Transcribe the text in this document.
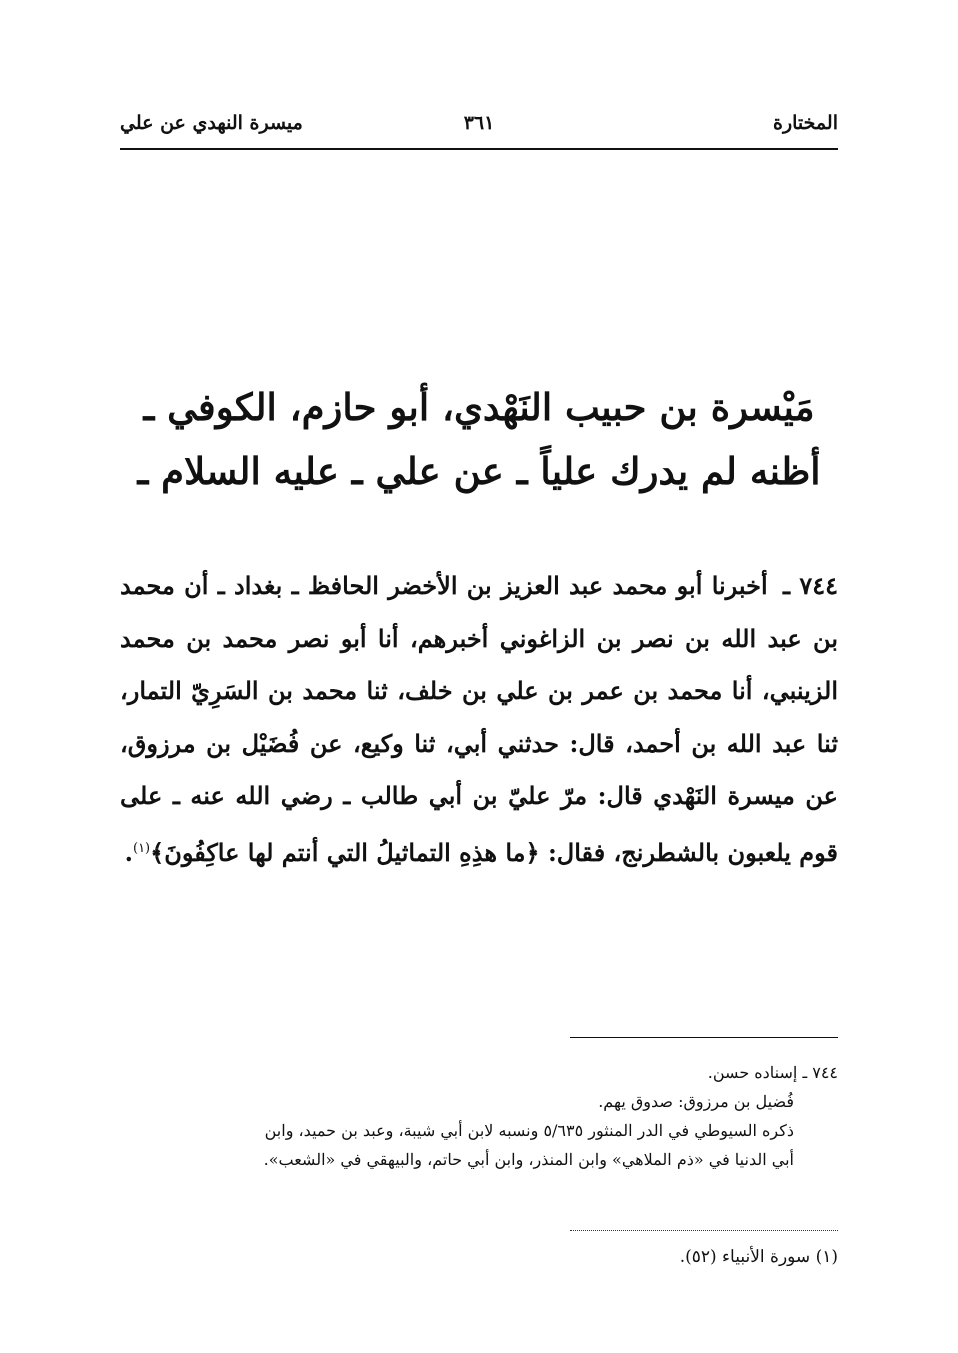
المختارة
٣٦١
ميسرة النهدي عن علي
مَيْسرة بن حبيب النَهْدي، أبو حازم، الكوفي ـ
أظنه لم يدرك علياً ـ عن علي ـ عليه السلام ـ
٧٤٤ ـ أخبرنا أبو محمد عبد العزيز بن الأخضر الحافظ ـ بغداد ـ أن محمد بن عبد الله بن نصر بن الزاغوني أخبرهم، أنا أبو نصر محمد بن محمد الزينبي، أنا محمد بن عمر بن علي بن خلف، ثنا محمد بن السَرِيّ التمار، ثنا عبد الله بن أحمد، قال: حدثني أبي، ثنا وكيع، عن فُضَيْل بن مرزوق، عن ميسرة النَهْدي قال: مرّ عليّ بن أبي طالب ـ رضي الله عنه ـ على قوم يلعبون بالشطرنج، فقال: ﴿ما هذِهِ التماثيلُ التي أنتم لها عاكِفُونَ﴾$^{(١)}$.
٧٤٤ ـ إسناده حسن.
فُضيل بن مرزوق: صدوق يهم.
ذكره السيوطي في الدر المنثور ٥/٦٣٥ ونسبه لابن أبي شيبة، وعبد بن حميد، وابن
أبي الدنيا في «ذم الملاهي» وابن المنذر، وابن أبي حاتم، والبيهقي في «الشعب».
(١) سورة الأنبياء (٥٢).
